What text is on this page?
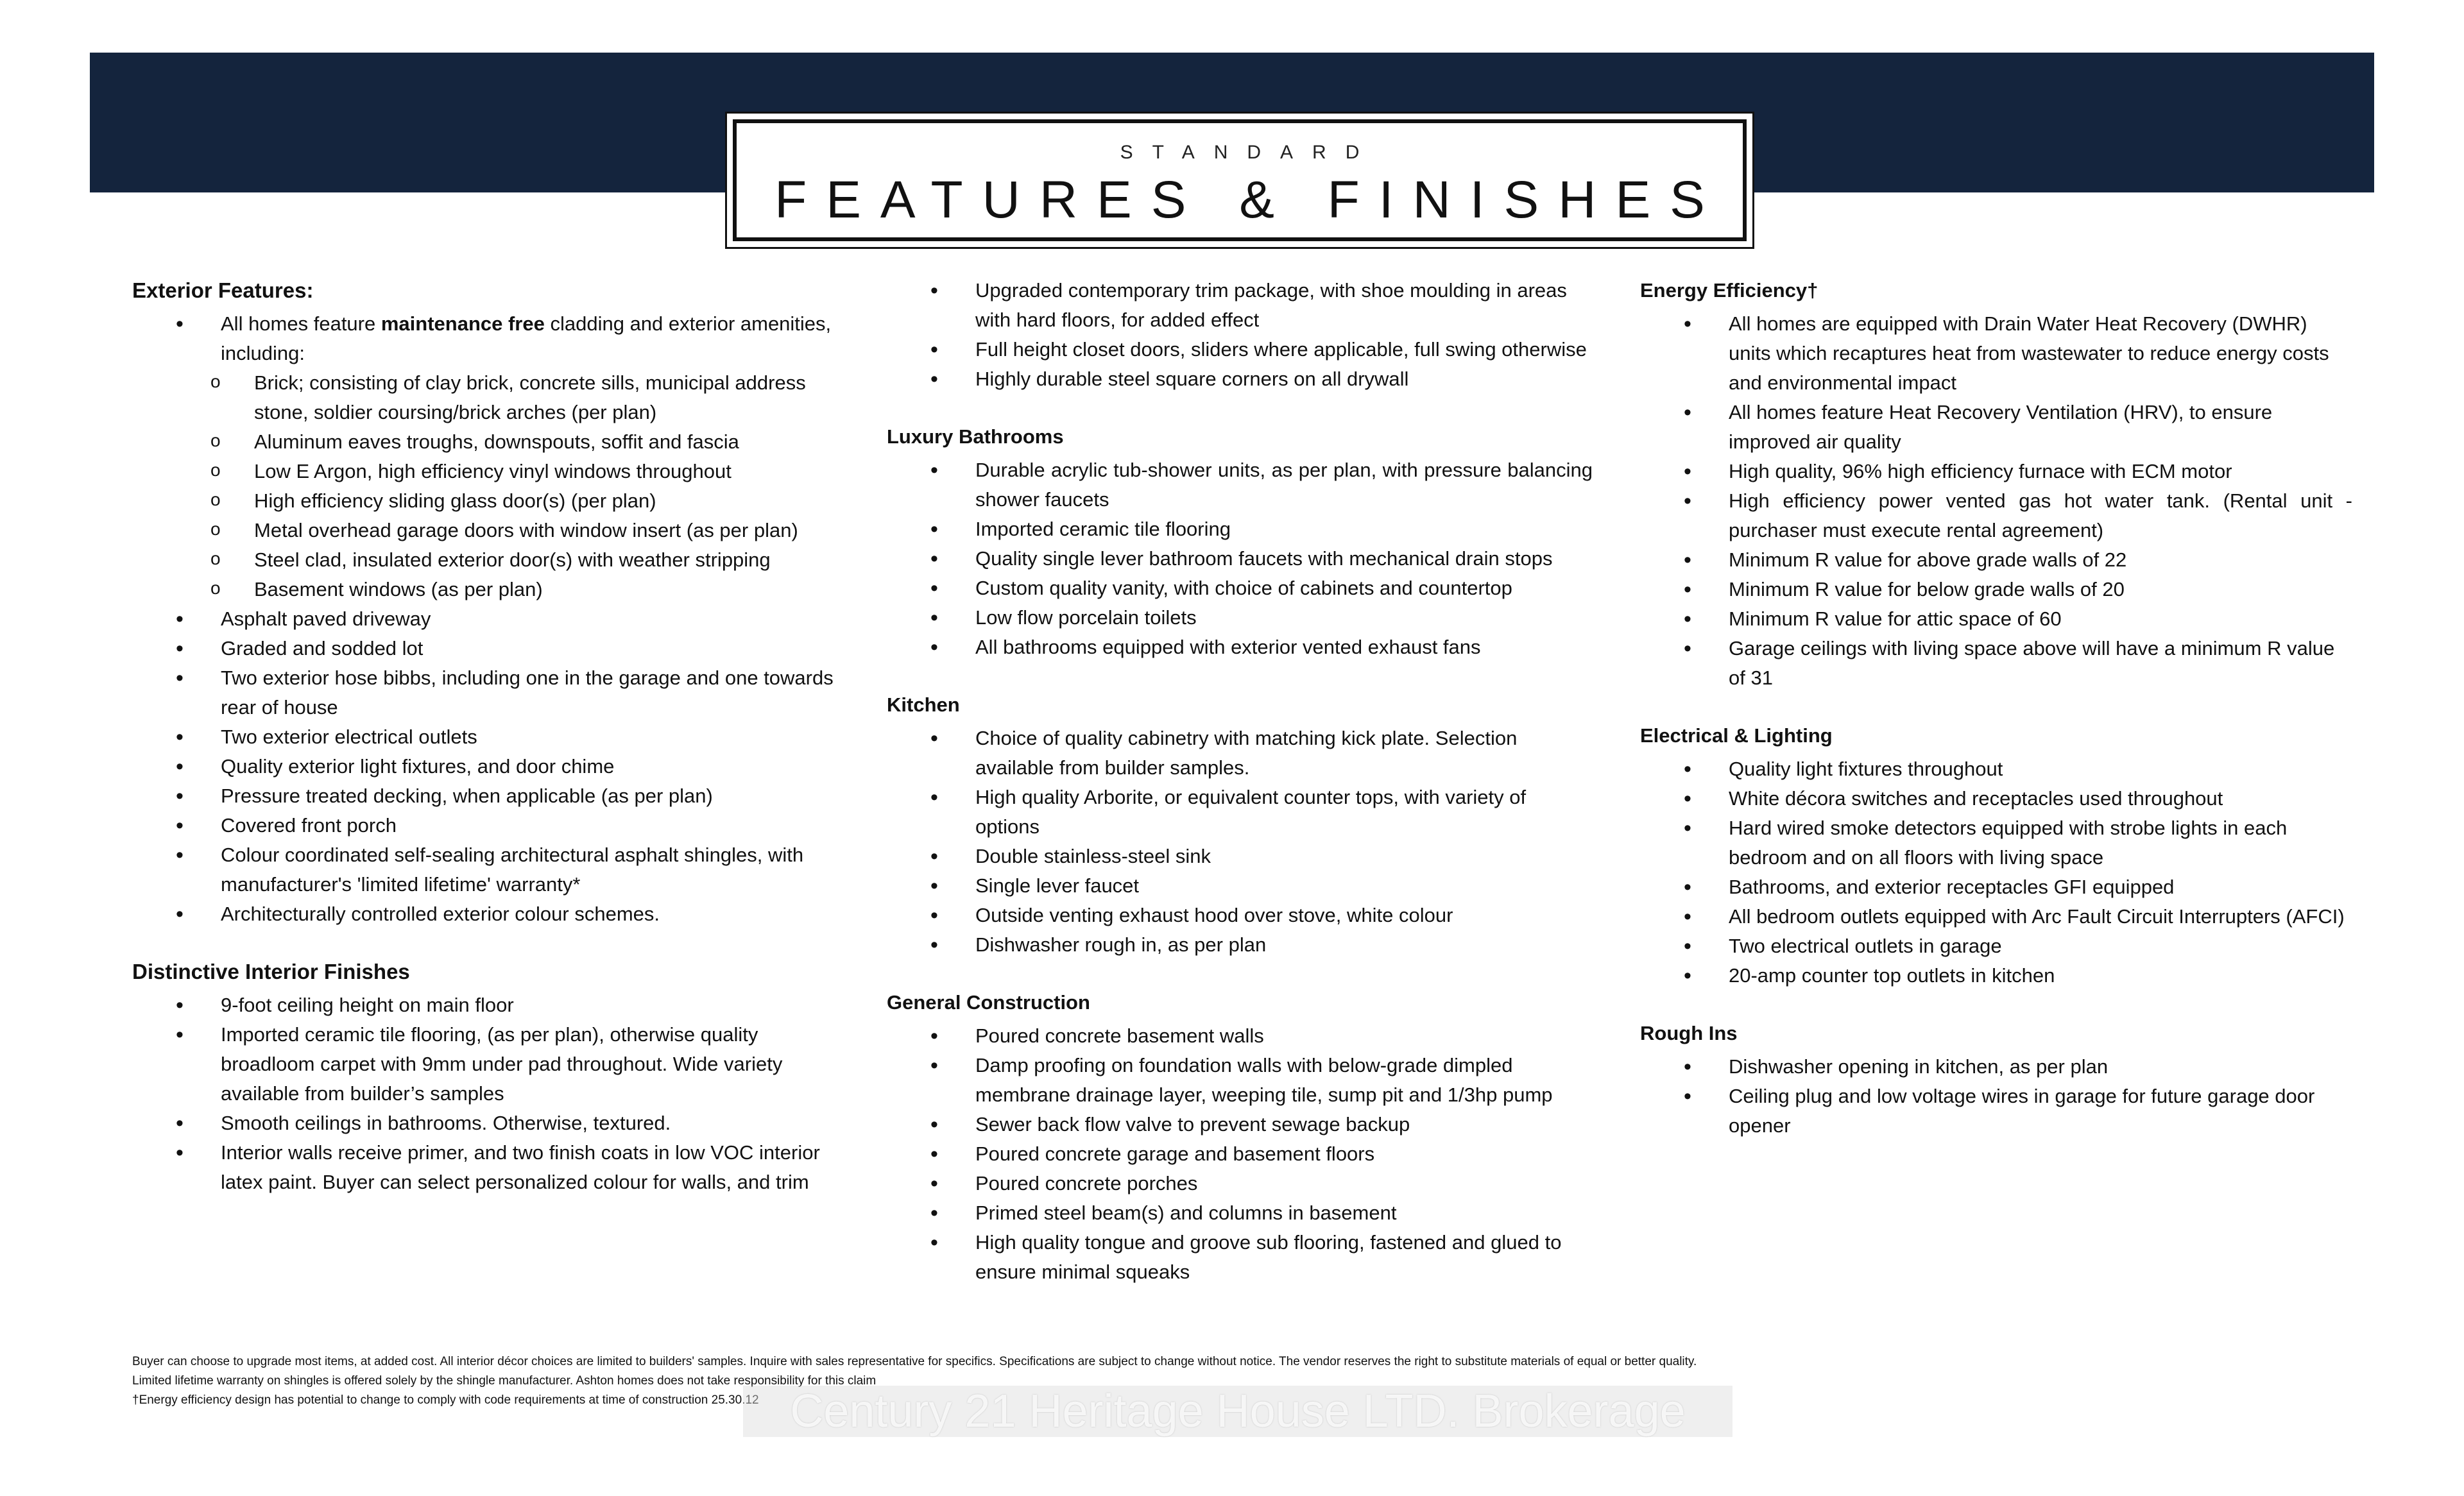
STANDARD
FEATURES & FINISHES
Exterior Features:
• All homes feature maintenance free cladding and exterior amenities, including:
o Brick; consisting of clay brick, concrete sills, municipal address stone, soldier coursing/brick arches (per plan)
o Aluminum eaves troughs, downspouts, soffit and fascia
o Low E Argon, high efficiency vinyl windows throughout
o High efficiency sliding glass door(s) (per plan)
o Metal overhead garage doors with window insert (as per plan)
o Steel clad, insulated exterior door(s) with weather stripping
o Basement windows (as per plan)
• Asphalt paved driveway
• Graded and sodded lot
• Two exterior hose bibbs, including one in the garage and one towards rear of house
• Two exterior electrical outlets
• Quality exterior light fixtures, and door chime
• Pressure treated decking, when applicable (as per plan)
• Covered front porch
• Colour coordinated self-sealing architectural asphalt shingles, with manufacturer's 'limited lifetime' warranty*
• Architecturally controlled exterior colour schemes.
Distinctive Interior Finishes
• 9-foot ceiling height on main floor
• Imported ceramic tile flooring, (as per plan), otherwise quality broadloom carpet with 9mm under pad throughout. Wide variety available from builder’s samples
• Smooth ceilings in bathrooms. Otherwise, textured.
• Interior walls receive primer, and two finish coats in low VOC interior latex paint. Buyer can select personalized colour for walls, and trim
• Upgraded contemporary trim package, with shoe moulding in areas with hard floors, for added effect
• Full height closet doors, sliders where applicable, full swing otherwise
• Highly durable steel square corners on all drywall
Luxury Bathrooms
• Durable acrylic tub-shower units, as per plan, with pressure balancing shower faucets
• Imported ceramic tile flooring
• Quality single lever bathroom faucets with mechanical drain stops
• Custom quality vanity, with choice of cabinets and countertop
• Low flow porcelain toilets
• All bathrooms equipped with exterior vented exhaust fans
Kitchen
• Choice of quality cabinetry with matching kick plate. Selection available from builder samples.
• High quality Arborite, or equivalent counter tops, with variety of options
• Double stainless-steel sink
• Single lever faucet
• Outside venting exhaust hood over stove, white colour
• Dishwasher rough in, as per plan
General Construction
• Poured concrete basement walls
• Damp proofing on foundation walls with below-grade dimpled membrane drainage layer, weeping tile, sump pit and 1/3hp pump
• Sewer back flow valve to prevent sewage backup
• Poured concrete garage and basement floors
• Poured concrete porches
• Primed steel beam(s) and columns in basement
• High quality tongue and groove sub flooring, fastened and glued to ensure minimal squeaks
Energy Efficiency†
• All homes are equipped with Drain Water Heat Recovery (DWHR) units which recaptures heat from wastewater to reduce energy costs and environmental impact
• All homes feature Heat Recovery Ventilation (HRV), to ensure improved air quality
• High quality, 96% high efficiency furnace with ECM motor
• High efficiency power vented gas hot water tank. (Rental unit - purchaser must execute rental agreement)
• Minimum R value for above grade walls of 22
• Minimum R value for below grade walls of 20
• Minimum R value for attic space of 60
• Garage ceilings with living space above will have a minimum R value of 31
Electrical & Lighting
• Quality light fixtures throughout
• White décora switches and receptacles used throughout
• Hard wired smoke detectors equipped with strobe lights in each bedroom and on all floors with living space
• Bathrooms, and exterior receptacles GFI equipped
• All bedroom outlets equipped with Arc Fault Circuit Interrupters (AFCI)
• Two electrical outlets in garage
• 20-amp counter top outlets in kitchen
Rough Ins
• Dishwasher opening in kitchen, as per plan
• Ceiling plug and low voltage wires in garage for future garage door opener
Buyer can choose to upgrade most items, at added cost. All interior décor choices are limited to builders' samples. Inquire with sales representative for specifics. Specifications are subject to change without notice. The vendor reserves the right to substitute materials of equal or better quality.
Limited lifetime warranty on shingles is offered solely by the shingle manufacturer. Ashton homes does not take responsibility for this claim
†Energy efficiency design has potential to change to comply with code requirements at time of construction 25.30.12 Century 21 Heritage House LTD. Brokerage
